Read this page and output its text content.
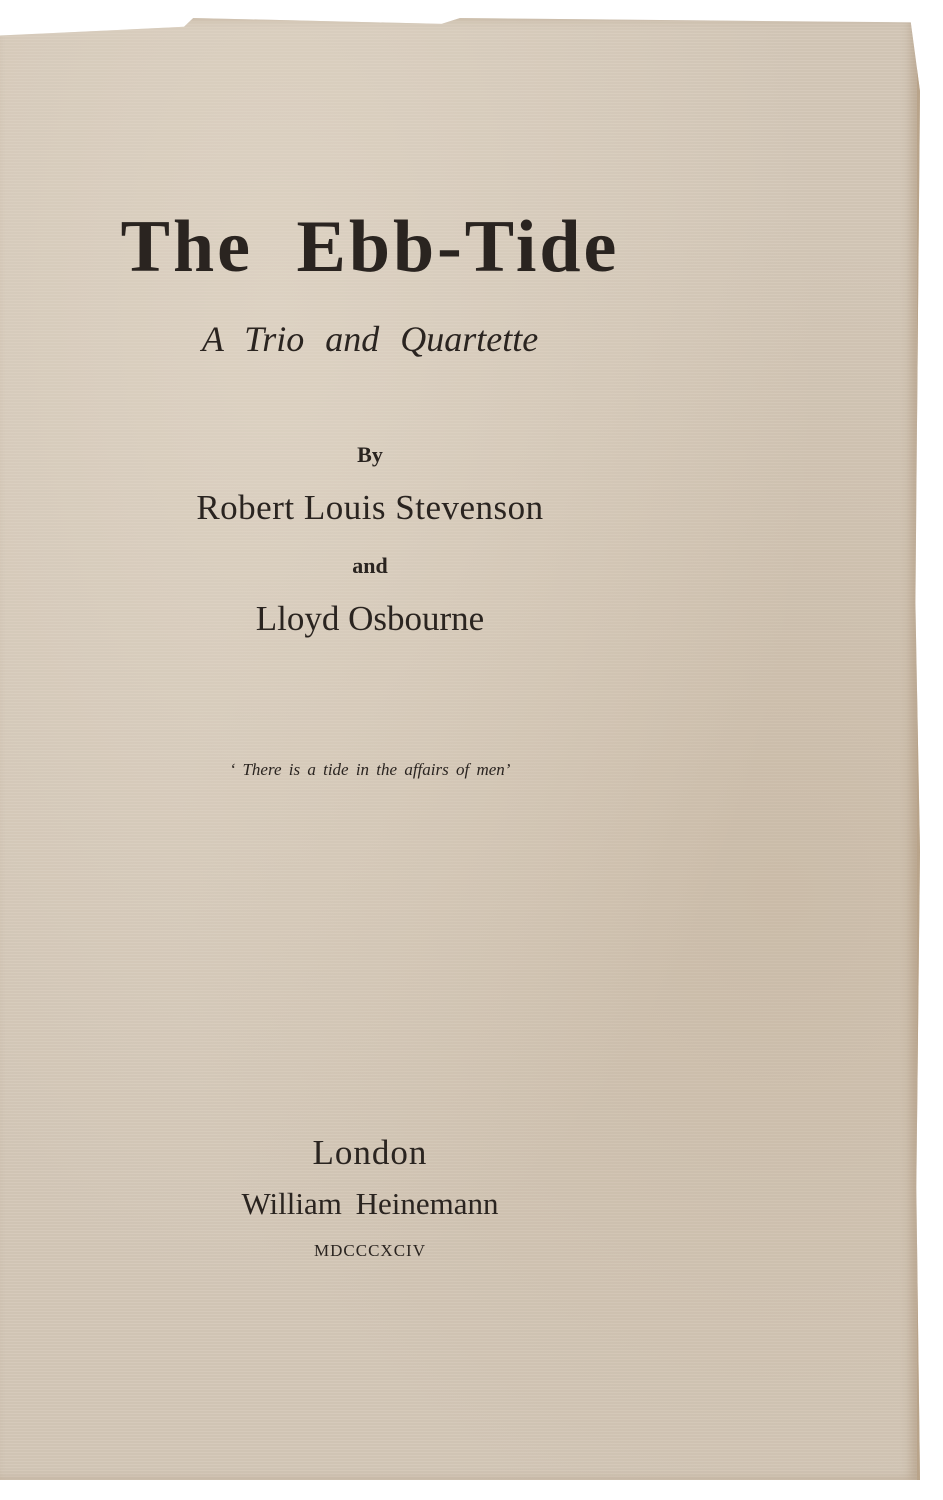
The Ebb-Tide
A Trio and Quartette
By
Robert Louis Stevenson
and
Lloyd Osbourne
‘ There is a tide in the affairs of men’
London
William Heinemann
MDCCCXCIV
